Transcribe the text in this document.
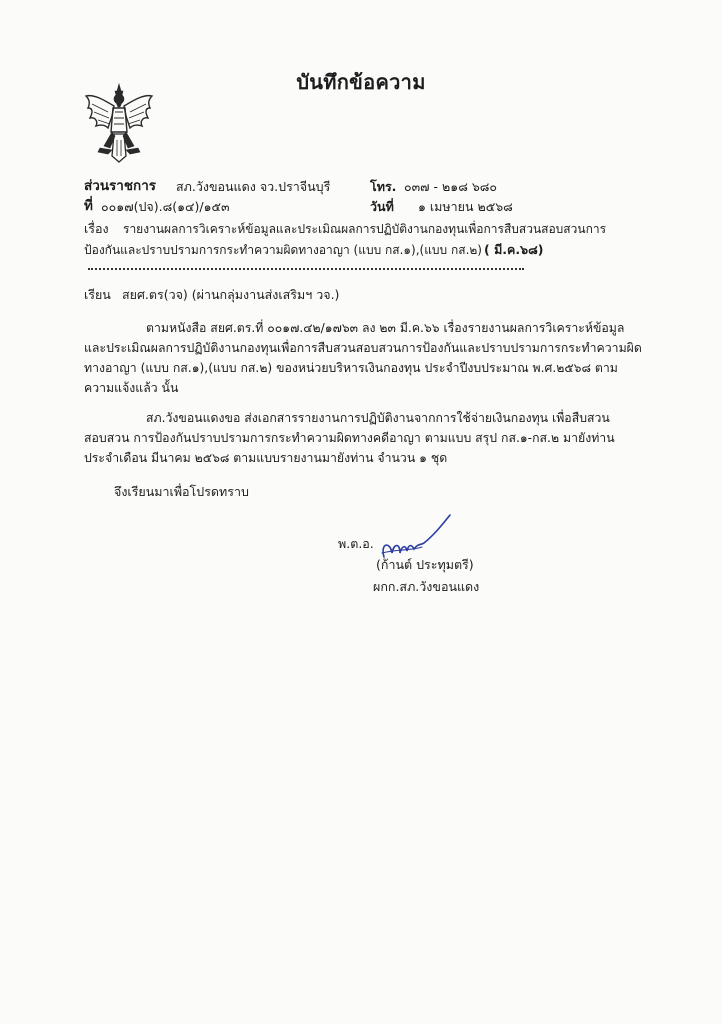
บันทึกข้อความ
ส่วนราชการ สภ.วังขอนแดง จว.ปราจีนบุรี	โทร. ๐๓๗ - ๒๑๘ ๖๘๐
ที่ ๐๐๑๗(ปจ).๘(๑๔)/๑๕๓	วันที่ ๑ เมษายน ๒๕๖๘
เรื่อง รายงานผลการวิเคราะห์ข้อมูลและประเมิณผลการปฏิบัติงานกองทุนเพื่อการสืบสวนสอบสวนการ
ป้องกันและปราบปรามการกระทำความผิดทางอาญา (แบบ กส.๑),(แบบ กส.๒) ( มี.ค.๖๘)
เรียน สยศ.ตร(วจ) (ผ่านกลุ่มงานส่งเสริมฯ วจ.)
ตามหนังสือ สยศ.ตร.ที่ ๐๐๑๗.๔๒/๑๗๖๓ ลง ๒๓ มี.ค.๖๖ เรื่องรายงานผลการวิเคราะห์ข้อมูล
และประเมิณผลการปฏิบัติงานกองทุนเพื่อการสืบสวนสอบสวนการป้องกันและปราบปรามการกระทำความผิด
ทางอาญา (แบบ กส.๑),(แบบ กส.๒) ของหน่วยบริหารเงินกองทุน ประจำปีงบประมาณ พ.ศ.๒๕๖๘ ตาม
ความแจ้งแล้ว นั้น
สภ.วังขอนแดงขอ ส่งเอกสารรายงานการปฏิบัติงานจากการใช้จ่ายเงินกองทุน เพื่อสืบสวน
สอบสวน การป้องกันปราบปรามการกระทำความผิดทางคดีอาญา ตามแบบ สรุป กส.๑-กส.๒ มายังท่าน
ประจำเดือน มีนาคม ๒๕๖๘ ตามแบบรายงานมายังท่าน จำนวน ๑ ชุด
จึงเรียนมาเพื่อโปรดทราบ
พ.ต.อ.
(ก้านต์ ประทุมตรี)
ผกก.สภ.วังขอนแดง
